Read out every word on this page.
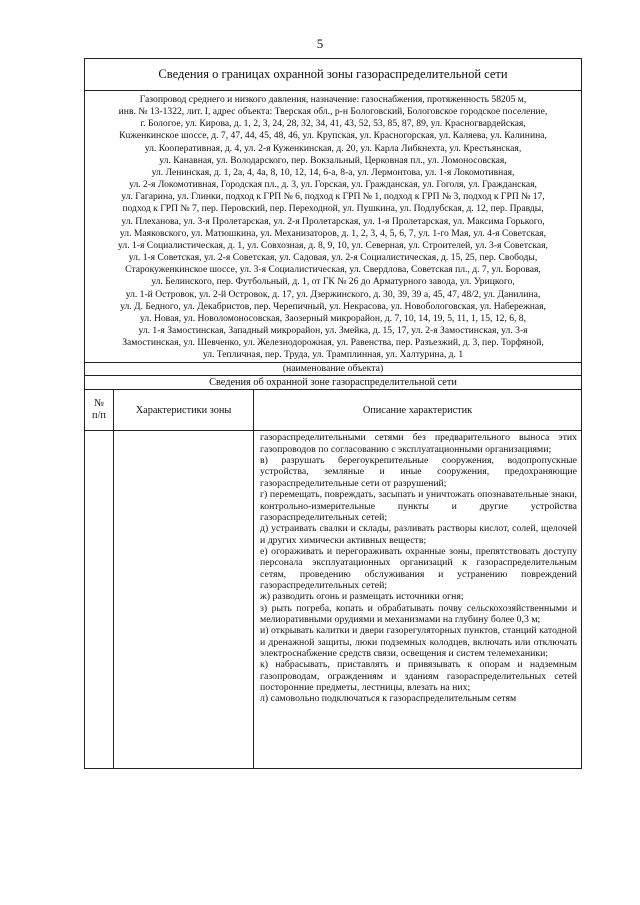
5
Сведения о границах охранной зоны газораспределительной сети
Газопровод среднего и низкого давления, назначение: газоснабжения, протяженность 58205 м,
инв. № 13-1322, лит. I, адрес объекта: Тверская обл., р-н Бологовский, Бологовское городское поселение,
г. Бологое, ул. Кирова, д. 1, 2, 3, 24, 28, 32, 34, 41, 43, 52, 53, 85, 87, 89, ул. Красногвардейская,
Кuженкинское шоссе, д. 7, 47, 44, 45, 48, 46, ул. Крупская, ул. Красногорская, ул. Каляева, ул. Калинина,
ул. Кооперативная, д. 4, ул. 2-я Куженкинская, д. 20, ул. Карла Либкнехта, ул. Крестьянская,
ул. Канавная, ул. Володарского, пер. Вокзальный, Церковная пл., ул. Ломоносовская,
ул. Ленинская, д. 1, 2а, 4, 4а, 8, 10, 12, 14, 6-а, 8-а, ул. Лермонтова, ул. 1-я Локомотивная,
ул. 2-я Локомотивная, Городская пл., д. 3, ул. Горская, ул. Гражданская, ул. Гоголя, ул. Гражданская,
ул. Гагарина, ул. Глинки, подход к ГРП № 6, подход к ГРП № 1, подход к ГРП № 3, подход к ГРП № 17,
подход к ГРП № 7, пер. Перовский, пер. Переходной, ул. Пушкина, ул. Подлубская, д. 12, пер. Правды,
ул. Плеханова, ул. 3-я Пролетарская, ул. 2-я Пролетарская, ул. 1-я Пролетарская, ул. Максима Горького,
ул. Маяковского, ул. Матюшкина, ул. Механизаторов, д. 1, 2, 3, 4, 5, 6, 7, ул. 1-го Мая, ул. 4-я Советская,
ул. 1-я Социалистическая, д. 1, ул. Совхозная, д. 8, 9, 10, ул. Северная, ул. Строителей, ул. 3-я Советская,
ул. 1-я Советская, ул. 2-я Советская, ул. Садовая, ул. 2-я Социалистическая, д. 15, 25, пер. Свободы,
Старокуженкинское шоссе, ул. 3-я Социалистическая, ул. Свердлова, Советская пл., д. 7, ул. Боровая,
ул. Белинского, пер. Футбольный, д. 1, от ГК № 26 до Арматурного завода, ул. Урицкого,
ул. 1-й Островок, ул. 2-й Островок, д. 17, ул. Дзержинского, д. 30, 39, 39 а, 45, 47, 48/2, ул. Данилина,
ул. Д. Бедного, ул. Декабристов, пер. Черепичный, ул. Некрасова, ул. Новобологовская, ул. Набережная,
ул. Новая, ул. Новоломоносовская, Заозерный микрорайон, д. 7, 10, 14, 19, 5, 11, 1, 15, 12, 6, 8,
ул. 1-я Замостинская, Западный микрорайон, ул. Змейка, д. 15, 17, ул. 2-я Замостинская, ул. 3-я
Замостинская, ул. Шевченко, ул. Железнодорожная, ул. Равенства, пер. Разъезжий, д. 3, пер. Торфяной,
ул. Тепличная, пер. Труда, ул. Трамплинная, ул. Халтурина, д. 1
(наименование объекта)
Сведения об охранной зоне газораспределительной сети
№
п/п	Характеристики зоны	Описание характеристик

газораспределительными сетями без предварительного выноса этих газопроводов по согласованию с эксплуатационными организациями;

в) разрушать берегоукрепительные сооружения, водопропускные устройства, земляные и иные сооружения, предохраняющие газораспределительные сети от разрушений;

г) перемещать, повреждать, засыпать и уничтожать опознавательные знаки, контрольно-измерительные пункты и другие устройства газораспределительных сетей;

д) устраивать свалки и склады, разливать растворы кислот, солей, щелочей и других химически активных веществ;

е) огораживать и перегораживать охранные зоны, препятствовать доступу персонала эксплуатационных организаций к газораспределительным сетям, проведению обслуживания и устранению повреждений газораспределительных сетей;

ж) разводить огонь и размещать источники огня;

з) рыть погреба, копать и обрабатывать почву сельскохозяйственными и мелиоративными орудиями и механизмами на глубину более 0,3 м;

и) открывать калитки и двери газорегуляторных пунктов, станций катодной и дренажной защиты, люки подземных колодцев, включать или отключать электроснабжение средств связи, освещения и систем телемеханики;

к) набрасывать, приставлять и привязывать к опорам и надземным газопроводам, ограждениям и зданиям газораспределительных сетей посторонние предметы, лестницы, влезать на них;

л) самовольно подключаться к газораспределительным сетям
